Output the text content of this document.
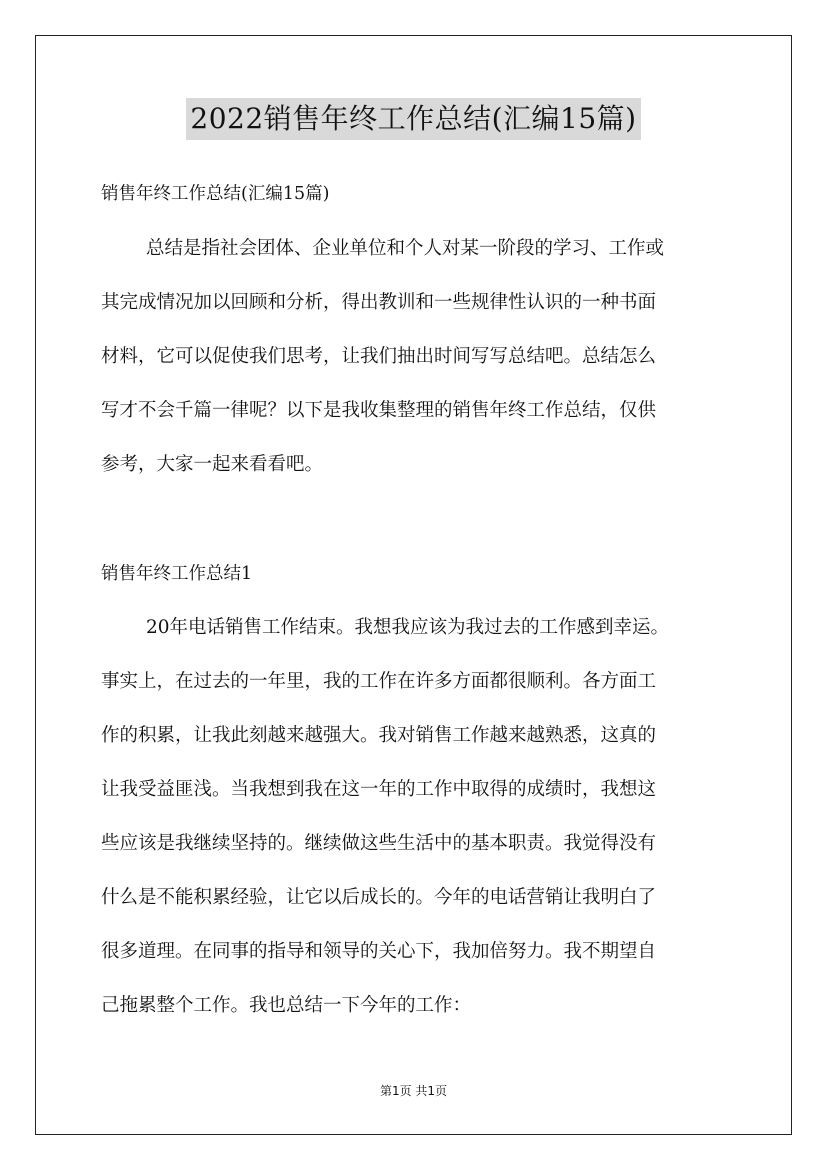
2022销售年终工作总结(汇编15篇)
销售年终工作总结(汇编15篇)
总结是指社会团体、企业单位和个人对某一阶段的学习、工作或
其完成情况加以回顾和分析，得出教训和一些规律性认识的一种书面
材料，它可以促使我们思考，让我们抽出时间写写总结吧。总结怎么
写才不会千篇一律呢？以下是我收集整理的销售年终工作总结，仅供
参考，大家一起来看看吧。
销售年终工作总结1
20年电话销售工作结束。我想我应该为我过去的工作感到幸运。
事实上，在过去的一年里，我的工作在许多方面都很顺利。各方面工
作的积累，让我此刻越来越强大。我对销售工作越来越熟悉，这真的
让我受益匪浅。当我想到我在这一年的工作中取得的成绩时，我想这
些应该是我继续坚持的。继续做这些生活中的基本职责。我觉得没有
什么是不能积累经验，让它以后成长的。今年的电话营销让我明白了
很多道理。在同事的指导和领导的关心下，我加倍努力。我不期望自
己拖累整个工作。我也总结一下今年的工作：
第1页 共1页
